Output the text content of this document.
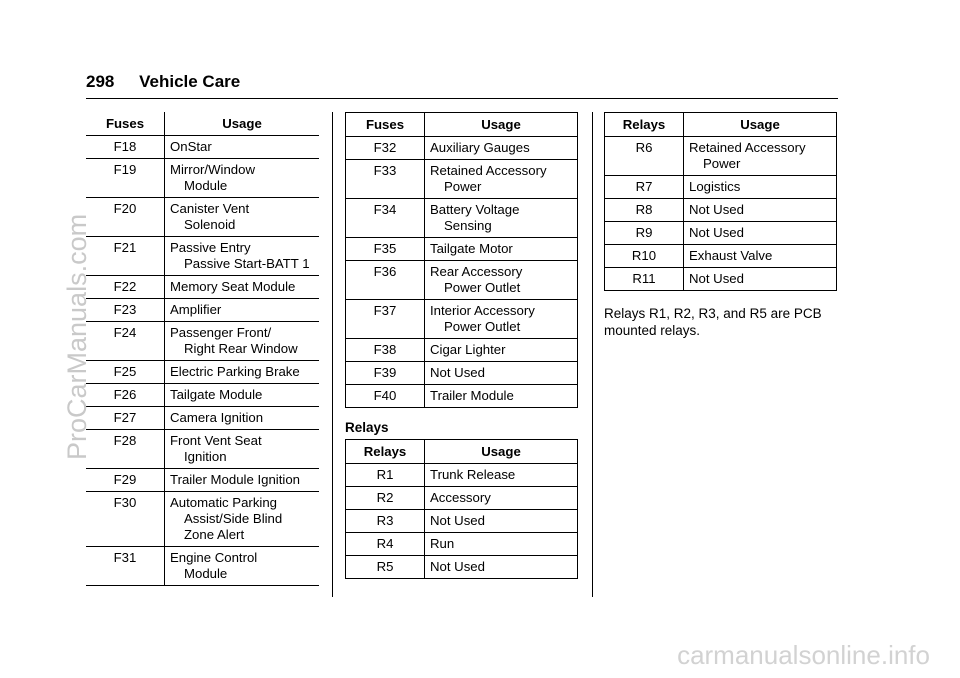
298 Vehicle Care
Fuses	Usage
F18	OnStar
F19	Mirror/Window
Module

F20	Canister Vent
Solenoid

F21	Passive Entry
Passive Start-BATT 1

F22	Memory Seat Module
F23	Amplifier
F24	Passenger Front/
Right Rear Window

F25	Electric Parking Brake
F26	Tailgate Module
F27	Camera Ignition
F28	Front Vent Seat
Ignition

F29	Trailer Module Ignition
F30	Automatic Parking
Assist/Side Blind Zone Alert

F31	Engine Control
Module
Fuses	Usage
F32	Auxiliary Gauges
F33	Retained Accessory
Power

F34	Battery Voltage
Sensing

F35	Tailgate Motor
F36	Rear Accessory
Power Outlet

F37	Interior Accessory
Power Outlet

F38	Cigar Lighter
F39	Not Used
F40	Trailer Module
Relays
Relays	Usage
R1	Trunk Release
R2	Accessory
R3	Not Used
R4	Run
R5	Not Used
Relays	Usage
R6	Retained Accessory
Power

R7	Logistics
R8	Not Used
R9	Not Used
R10	Exhaust Valve
R11	Not Used
Relays R1, R2, R3, and R5 are PCB mounted relays.
ProCarManuals.com
carmanualsonline.info
